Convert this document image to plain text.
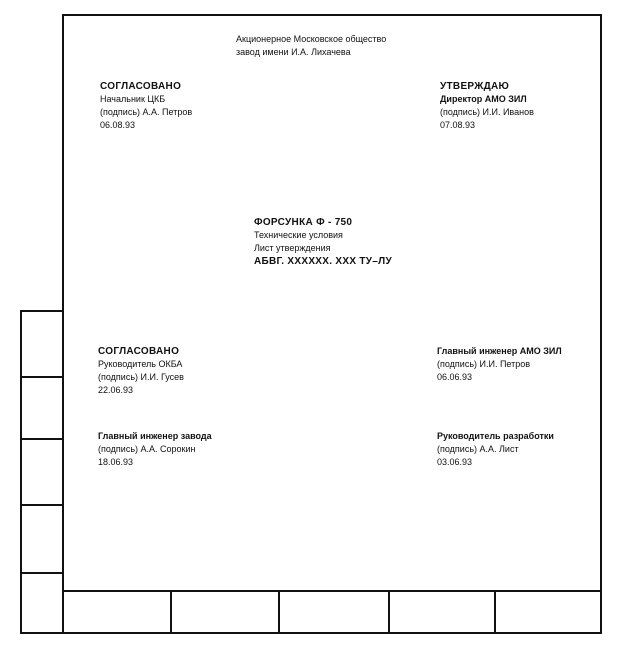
Акционерное Московское общество
завод имени И.А. Лихачева
СОГЛАСОВАНО
Начальник ЦКБ
(подпись) А.А. Петров
06.08.93
УТВЕРЖДАЮ
Директор АМО ЗИЛ
(подпись) И.И. Иванов
07.08.93
ФОРСУНКА Ф - 750
Технические условия
Лист утверждения
АБВГ. XXXXXX. XXX ТУ–ЛУ
СОГЛАСОВАНО
Руководитель ОКБА
(подпись) И.И. Гусев
22.06.93
Главный инженер завода
(подпись) А.А. Сорокин
18.06.93
Главный инженер АМО ЗИЛ
(подпись) И.И. Петров
06.06.93
Руководитель разработки
(подпись) А.А. Лист
03.06.93
